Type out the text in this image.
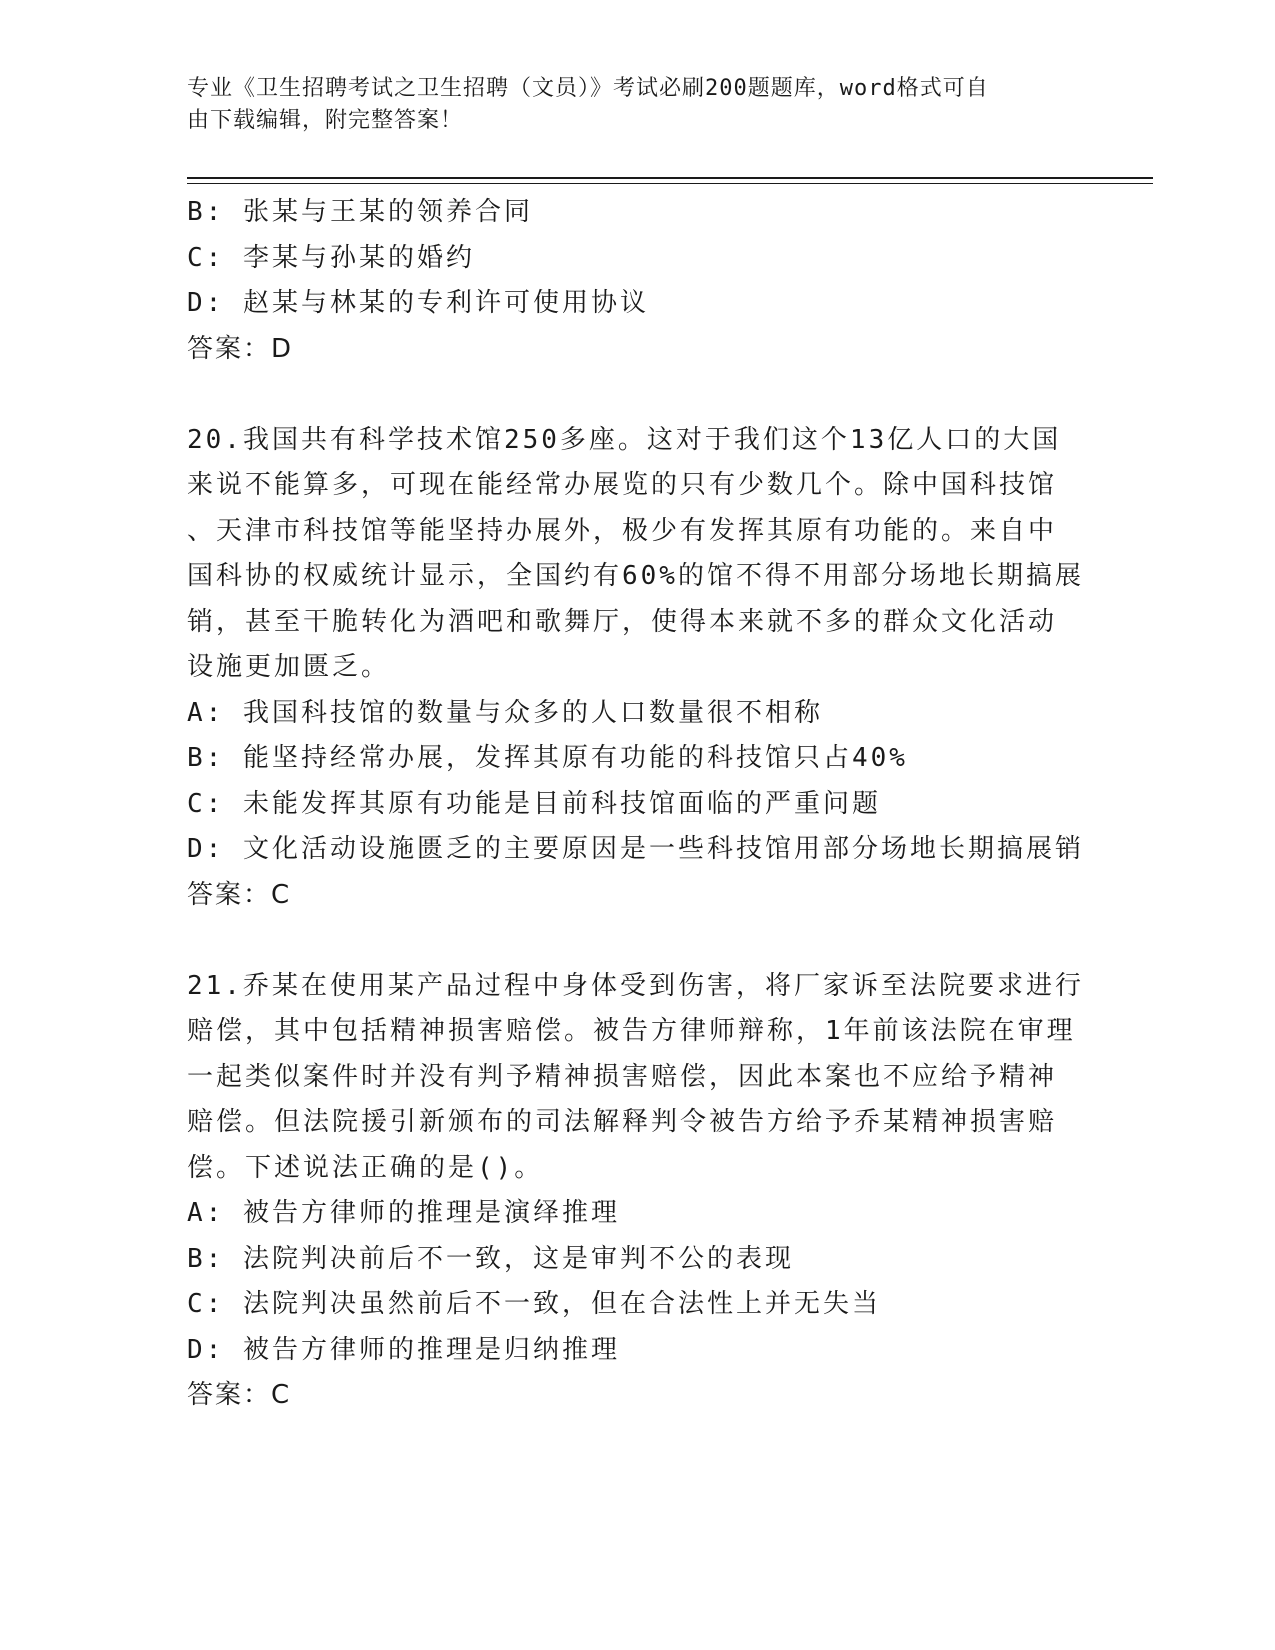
专业《卫生招聘考试之卫生招聘（文员）》考试必刷200题题库，word格式可自
由下载编辑，附完整答案！
B: 张某与王某的领养合同
C: 李某与孙某的婚约
D: 赵某与林某的专利许可使用协议
答案：D
20.我国共有科学技术馆250多座。这对于我们这个13亿人口的大国
来说不能算多，可现在能经常办展览的只有少数几个。除中国科技馆
、天津市科技馆等能坚持办展外，极少有发挥其原有功能的。来自中
国科协的权威统计显示，全国约有60%的馆不得不用部分场地长期搞展
销，甚至干脆转化为酒吧和歌舞厅，使得本来就不多的群众文化活动
设施更加匮乏。
A: 我国科技馆的数量与众多的人口数量很不相称
B: 能坚持经常办展，发挥其原有功能的科技馆只占40%
C: 未能发挥其原有功能是目前科技馆面临的严重问题
D: 文化活动设施匮乏的主要原因是一些科技馆用部分场地长期搞展销
答案：C
21.乔某在使用某产品过程中身体受到伤害，将厂家诉至法院要求进行
赔偿，其中包括精神损害赔偿。被告方律师辩称，1年前该法院在审理
一起类似案件时并没有判予精神损害赔偿，因此本案也不应给予精神
赔偿。但法院援引新颁布的司法解释判令被告方给予乔某精神损害赔
偿。下述说法正确的是()。
A: 被告方律师的推理是演绎推理
B: 法院判决前后不一致，这是审判不公的表现
C: 法院判决虽然前后不一致，但在合法性上并无失当
D: 被告方律师的推理是归纳推理
答案：C
